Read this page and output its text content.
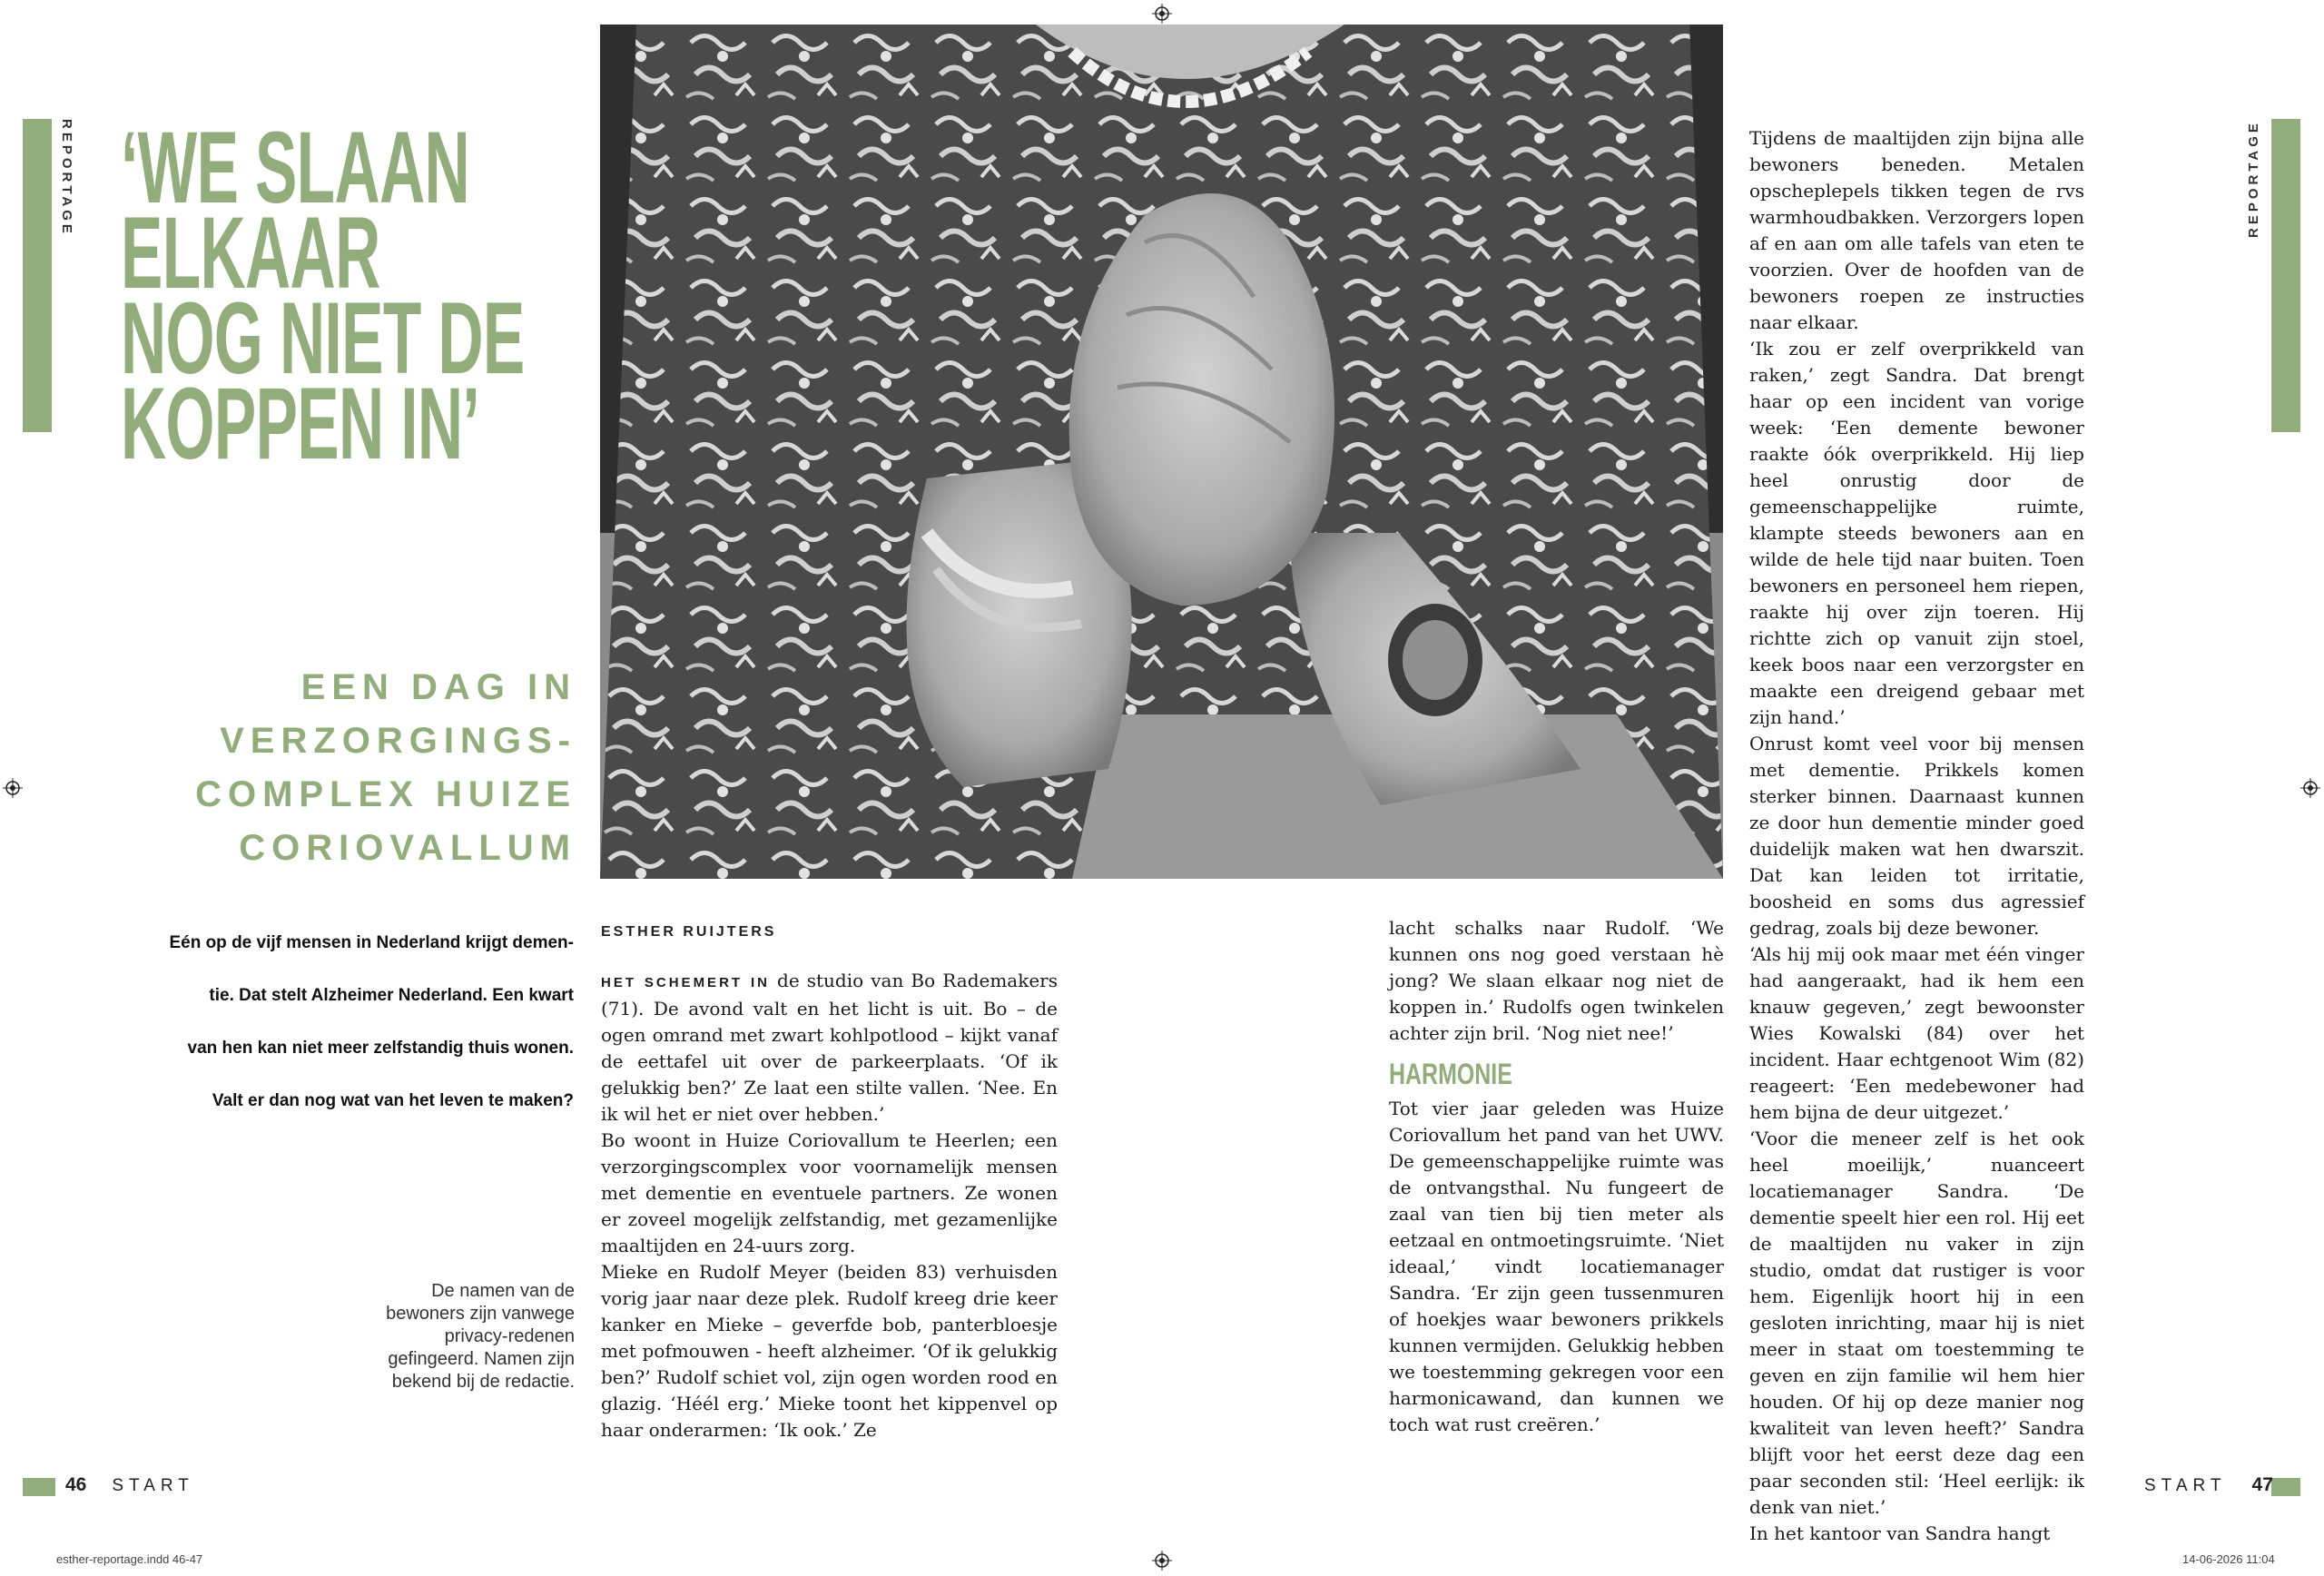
REPORTAGE	REPORTAGE
‘WE SLAAN
ELKAAR
NOG NIET DE
KOPPEN IN’
EEN DAG IN
VERZORGINGS-
COMPLEX HUIZE
CORIOVALLUM
Eén op de vijf mensen in Nederland krijgt demen-
tie. Dat stelt Alzheimer Nederland. Een kwart
van hen kan niet meer zelfstandig thuis wonen.
Valt er dan nog wat van het leven te maken?
De namen van de bewoners zijn vanwege privacy-redenen gefingeerd. Namen zijn bekend bij de redactie.
ESTHER RUIJTERS

HET SCHEMERT IN de studio van Bo Rademakers (71). De avond valt en het licht is uit. Bo – de ogen omrand met zwart kohlpotlood – kijkt vanaf de eettafel uit over de parkeerplaats. ‘Of ik gelukkig ben?’ Ze laat een stilte vallen. ‘Nee. En ik wil het er niet over hebben.’

Bo woont in Huize Coriovallum te Heerlen; een verzorgingscomplex voor voornamelijk mensen met dementie en eventuele partners. Ze wonen er zoveel mogelijk zelfstandig, met gezamenlijke maaltijden en 24-uurs zorg.

Mieke en Rudolf Meyer (beiden 83) verhuisden vorig jaar naar deze plek. Rudolf kreeg drie keer kanker en Mieke – geverfde bob, panterbloesje met pofmouwen - heeft alzheimer. ‘Of ik gelukkig ben?’ Rudolf schiet vol, zijn ogen worden rood en glazig. ‘Héél erg.’ Mieke toont het kippenvel op haar onderarmen: ‘Ik ook.’ Ze

lacht schalks naar Rudolf. ‘We kunnen ons nog goed verstaan hè jong? We slaan elkaar nog niet de koppen in.’ Rudolfs ogen twinkelen achter zijn bril. ‘Nog niet nee!’

HARMONIE

Tot vier jaar geleden was Huize Coriovallum het pand van het UWV. De gemeenschappelijke ruimte was de ontvangsthal. Nu fungeert de zaal van tien bij tien meter als eetzaal en ontmoetingsruimte. ‘Niet ideaal,’ vindt locatiemanager Sandra. ‘Er zijn geen tussenmuren of hoekjes waar bewoners prikkels kunnen vermijden. Gelukkig hebben we toestemming gekregen voor een harmonicawand, dan kunnen we toch wat rust creëren.’

Tijdens de maaltijden zijn bijna alle bewoners beneden. Metalen opscheplepels tikken tegen de rvs warmhoudbakken. Verzorgers lopen af en aan om alle tafels van eten te voorzien. Over de hoofden van de bewoners roepen ze instructies naar elkaar.

‘Ik zou er zelf overprikkeld van raken,’ zegt Sandra. Dat brengt haar op een incident van vorige week: ‘Een demente bewoner raakte óók overprikkeld. Hij liep heel onrustig door de gemeenschappelijke ruimte, klampte steeds bewoners aan en wilde de hele tijd naar buiten. Toen bewoners en personeel hem riepen, raakte hij over zijn toeren. Hij richtte zich op vanuit zijn stoel, keek boos naar een verzorgster en maakte een dreigend gebaar met zijn hand.’

Onrust komt veel voor bij mensen met dementie. Prikkels komen sterker binnen. Daarnaast kunnen ze door hun dementie minder goed duidelijk maken wat hen dwarszit. Dat kan leiden tot irritatie, boosheid en soms dus agressief gedrag, zoals bij deze bewoner.

‘Als hij mij ook maar met één vinger had aangeraakt, had ik hem een knauw gegeven,’ zegt bewoonster Wies Kowalski (84) over het incident. Haar echtgenoot Wim (82) reageert: ‘Een medebewoner had hem bijna de deur uitgezet.’

‘Voor die meneer zelf is het ook heel moeilijk,’ nuanceert locatiemanager Sandra. ‘De dementie speelt hier een rol. Hij eet de maaltijden nu vaker in zijn studio, omdat dat rustiger is voor hem. Eigenlijk hoort hij in een gesloten inrichting, maar hij is niet meer in staat om toestemming te geven en zijn familie wil hem hier houden. Of hij op deze manier nog kwaliteit van leven heeft?’ Sandra blijft voor het eerst deze dag een paar seconden stil: ‘Heel eerlijk: ik denk van niet.’

In het kantoor van Sandra hangt

46 START	START 47
esther-reportage.indd 46-47	14-06-2026 11:04
